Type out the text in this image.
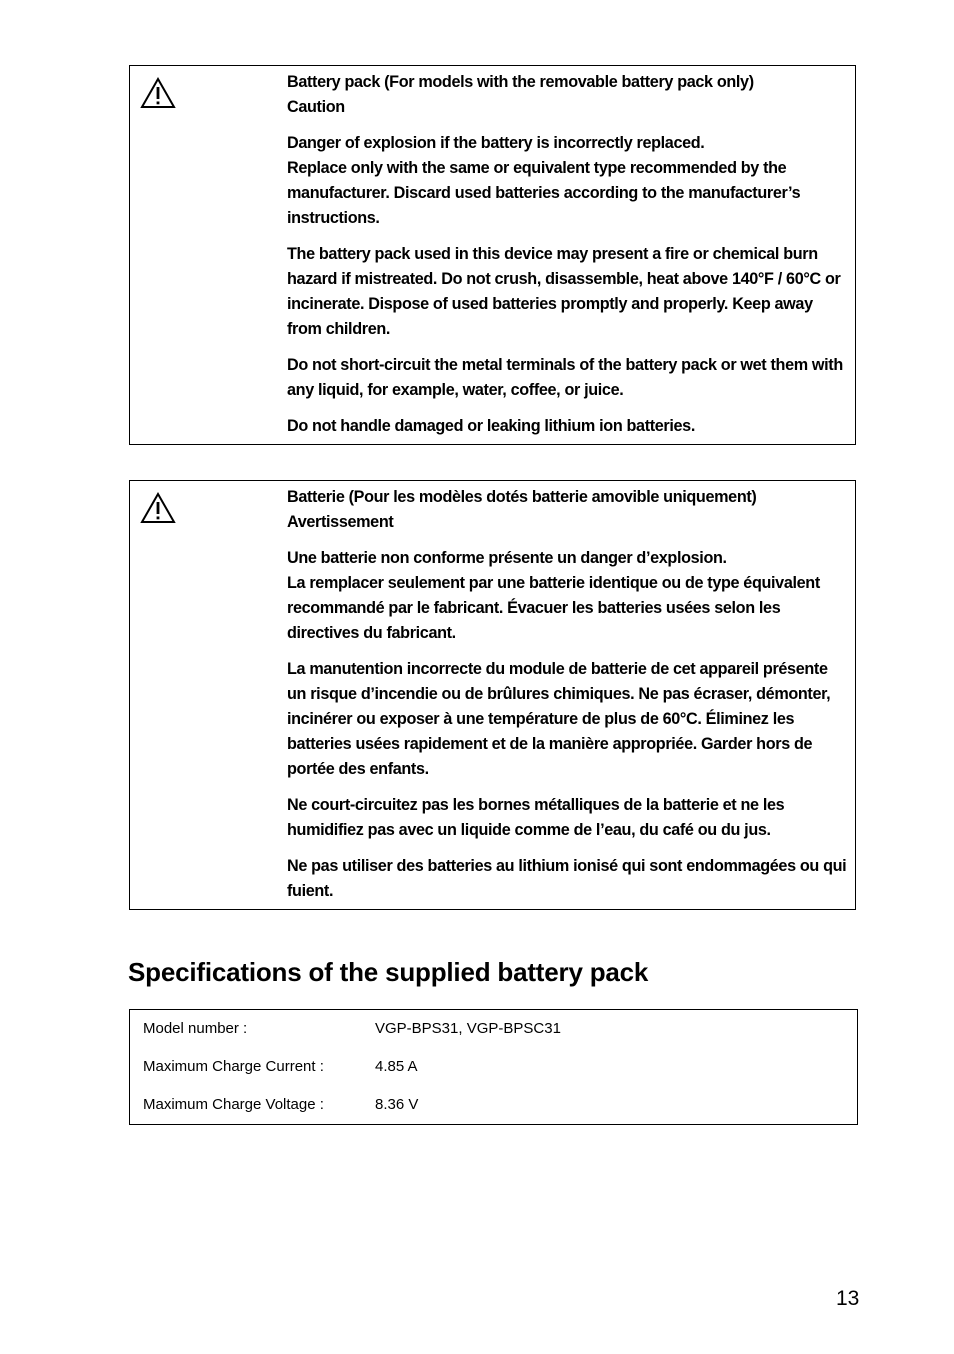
Battery pack (For models with the removable battery pack only)

Caution

Danger of explosion if the battery is incorrectly replaced.

Replace only with the same or equivalent type recommended by the manufacturer. Discard used batteries according to the manufacturer’s instructions.

The battery pack used in this device may present a fire or chemical burn hazard if mistreated. Do not crush, disassemble, heat above 140°F / 60°C or incinerate. Dispose of used batteries promptly and properly. Keep away from children.

Do not short-circuit the metal terminals of the battery pack or wet them with any liquid, for example, water, coffee, or juice.

Do not handle damaged or leaking lithium ion batteries.

Batterie (Pour les modèles dotés batterie amovible uniquement)

Avertissement

Une batterie non conforme présente un danger d’explosion.

La remplacer seulement par une batterie identique ou de type équivalent recommandé par le fabricant. Évacuer les batteries usées selon les directives du fabricant.

La manutention incorrecte du module de batterie de cet appareil présente un risque d’incendie ou de brûlures chimiques. Ne pas écraser, démonter, incinérer ou exposer à une température de plus de 60°C. Éliminez les batteries usées rapidement et de la manière appropriée. Garder hors de portée des enfants.

Ne court-circuitez pas les bornes métalliques de la batterie et ne les humidifiez pas avec un liquide comme de l’eau, du café ou du jus.

Ne pas utiliser des batteries au lithium ionisé qui sont endommagées ou qui fuient.

Specifications of the supplied battery pack
Model number :	VGP-BPS31, VGP-BPSC31
Maximum Charge Current :	4.85 A
Maximum Charge Voltage :	8.36 V
13
